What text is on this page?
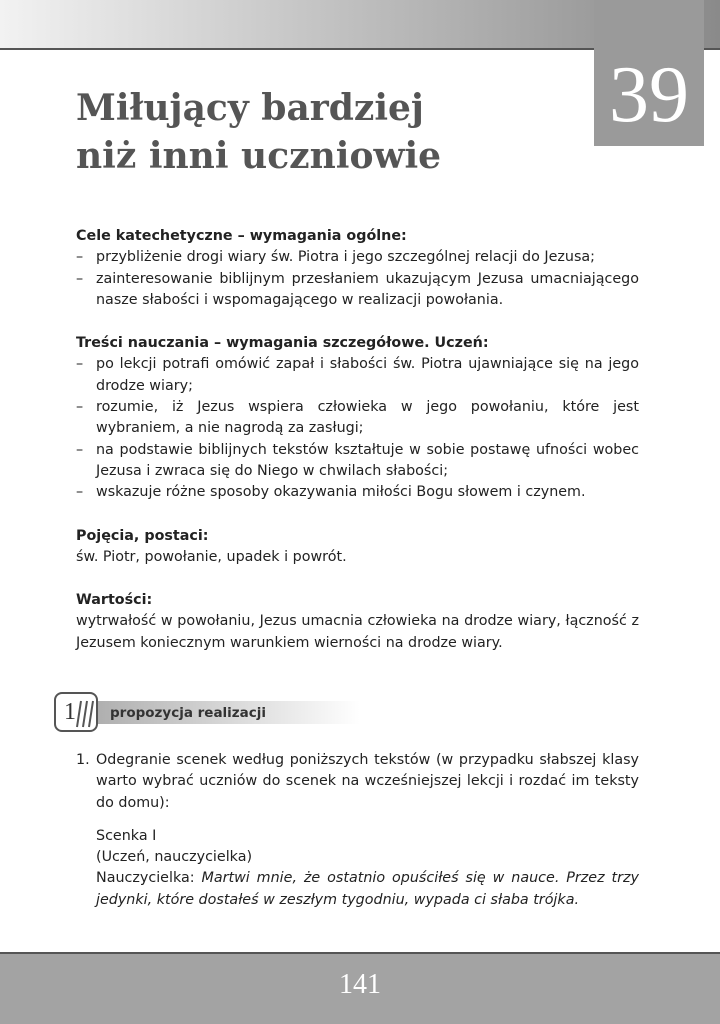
39
Miłujący bardziej
niż inni uczniowie

Cele katechetyczne – wymagania ogólne:

– przybliżenie drogi wiary św. Piotra i jego szczególnej relacji do Jezusa;
– zainteresowanie biblijnym przesłaniem ukazującym Jezusa umacniającego nasze słabości i wspomagającego w realizacji powołania.

Treści nauczania – wymagania szczegółowe. Uczeń:

– po lekcji potrafi omówić zapał i słabości św. Piotra ujawniające się na jego drodze wiary;
– rozumie, iż Jezus wspiera człowieka w jego powołaniu, które jest wybraniem, a nie nagrodą za zasługi;
– na podstawie biblijnych tekstów kształtuje w sobie postawę ufności wobec Jezusa i zwraca się do Niego w chwilach słabości;
– wskazuje różne sposoby okazywania miłości Bogu słowem i czynem.

Pojęcia, postaci:

św. Piotr, powołanie, upadek i powrót.

Wartości:

wytrwałość w powołaniu, Jezus umacnia człowieka na drodze wiary, łączność z Jezusem koniecznym warunkiem wierności na drodze wiary.

1	propozycja realizacji
1. Odegranie scenek według poniższych tekstów (w przypadku słabszej klasy warto wybrać uczniów do scenek na wcześniejszej lekcji i rozdać im teksty do domu):

Scenka I

(Uczeń, nauczycielka)

Nauczycielka: Martwi mnie, że ostatnio opuściłeś się w nauce. Przez trzy jedynki, które dostałeś w zeszłym tygodniu, wypada ci słaba trójka.

141
